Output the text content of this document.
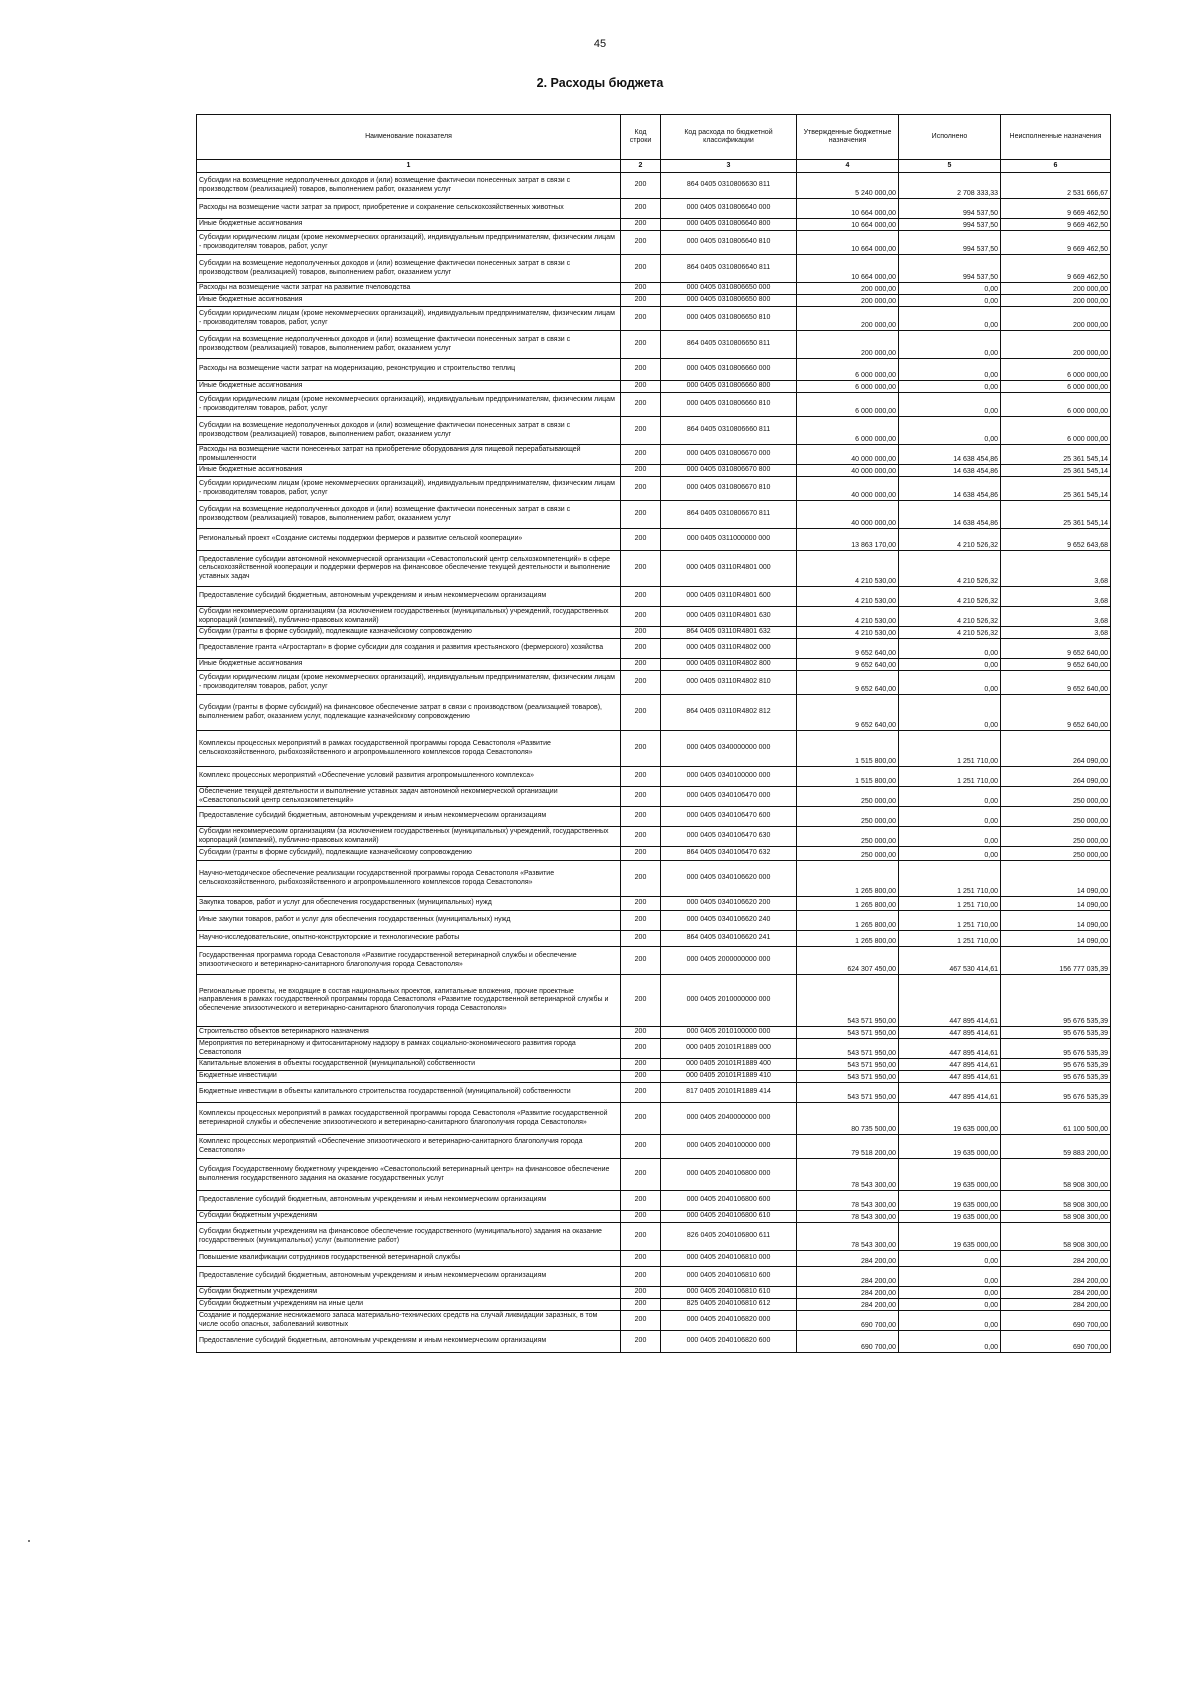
45
2. Расходы бюджета
Наименование показателя	Код строки	Код расхода по бюджетной классификации	Утвержденные бюджетные назначения	Исполнено	Неисполненные назначения
1	2	3	4	5	6
Субсидии на возмещение недополученных доходов и (или) возмещение фактически понесенных затрат в связи с производством (реализацией) товаров, выполнением работ, оказанием услуг	200	864 0405 0310806630 811	5 240 000,00	2 708 333,33	2 531 666,67
Расходы на возмещение части затрат за прирост, приобретение и сохранение сельскохозяйственных животных	200	000 0405 0310806640 000	10 664 000,00	994 537,50	9 669 462,50
Иные бюджетные ассигнования	200	000 0405 0310806640 800	10 664 000,00	994 537,50	9 669 462,50
Субсидии юридическим лицам (кроме некоммерческих организаций), индивидуальным предпринимателям, физическим лицам - производителям товаров, работ, услуг	200	000 0405 0310806640 810	10 664 000,00	994 537,50	9 669 462,50
Субсидии на возмещение недополученных доходов и (или) возмещение фактически понесенных затрат в связи с производством (реализацией) товаров, выполнением работ, оказанием услуг	200	864 0405 0310806640 811	10 664 000,00	994 537,50	9 669 462,50
Расходы на возмещение части затрат на развитие пчеловодства	200	000 0405 0310806650 000	200 000,00	0,00	200 000,00
Иные бюджетные ассигнования	200	000 0405 0310806650 800	200 000,00	0,00	200 000,00
Субсидии юридическим лицам (кроме некоммерческих организаций), индивидуальным предпринимателям, физическим лицам - производителям товаров, работ, услуг	200	000 0405 0310806650 810	200 000,00	0,00	200 000,00
Субсидии на возмещение недополученных доходов и (или) возмещение фактически понесенных затрат в связи с производством (реализацией) товаров, выполнением работ, оказанием услуг	200	864 0405 0310806650 811	200 000,00	0,00	200 000,00
Расходы на возмещение части затрат на модернизацию, реконструкцию и строительство теплиц	200	000 0405 0310806660 000	6 000 000,00	0,00	6 000 000,00
Иные бюджетные ассигнования	200	000 0405 0310806660 800	6 000 000,00	0,00	6 000 000,00
Субсидии юридическим лицам (кроме некоммерческих организаций), индивидуальным предпринимателям, физическим лицам - производителям товаров, работ, услуг	200	000 0405 0310806660 810	6 000 000,00	0,00	6 000 000,00
Субсидии на возмещение недополученных доходов и (или) возмещение фактически понесенных затрат в связи с производством (реализацией) товаров, выполнением работ, оказанием услуг	200	864 0405 0310806660 811	6 000 000,00	0,00	6 000 000,00
Расходы на возмещение части понесенных затрат на приобретение оборудования для пищевой перерабатывающей промышленности	200	000 0405 0310806670 000	40 000 000,00	14 638 454,86	25 361 545,14
Иные бюджетные ассигнования	200	000 0405 0310806670 800	40 000 000,00	14 638 454,86	25 361 545,14
Субсидии юридическим лицам (кроме некоммерческих организаций), индивидуальным предпринимателям, физическим лицам - производителям товаров, работ, услуг	200	000 0405 0310806670 810	40 000 000,00	14 638 454,86	25 361 545,14
Субсидии на возмещение недополученных доходов и (или) возмещение фактически понесенных затрат в связи с производством (реализацией) товаров, выполнением работ, оказанием услуг	200	864 0405 0310806670 811	40 000 000,00	14 638 454,86	25 361 545,14
Региональный проект «Создание системы поддержки фермеров и развитие сельской кооперации»	200	000 0405 0311000000 000	13 863 170,00	4 210 526,32	9 652 643,68
Предоставление субсидии автономной некоммерческой организации «Севастопольский центр сельхозкомпетенций» в сфере сельскохозяйственной кооперации и поддержки фермеров на финансовое обеспечение текущей деятельности и выполнение уставных задач	200	000 0405 03110R4801 000	4 210 530,00	4 210 526,32	3,68
Предоставление субсидий бюджетным, автономным учреждениям и иным некоммерческим организациям	200	000 0405 03110R4801 600	4 210 530,00	4 210 526,32	3,68
Субсидии некоммерческим организациям (за исключением государственных (муниципальных) учреждений, государственных корпораций (компаний), публично-правовых компаний)	200	000 0405 03110R4801 630	4 210 530,00	4 210 526,32	3,68
Субсидии (гранты в форме субсидий), подлежащие казначейскому сопровождению	200	864 0405 03110R4801 632	4 210 530,00	4 210 526,32	3,68
Предоставление гранта «Агростартап» в форме субсидии для создания и развития крестьянского (фермерского) хозяйства	200	000 0405 03110R4802 000	9 652 640,00	0,00	9 652 640,00
Иные бюджетные ассигнования	200	000 0405 03110R4802 800	9 652 640,00	0,00	9 652 640,00
Субсидии юридическим лицам (кроме некоммерческих организаций), индивидуальным предпринимателям, физическим лицам - производителям товаров, работ, услуг	200	000 0405 03110R4802 810	9 652 640,00	0,00	9 652 640,00
Субсидии (гранты в форме субсидий) на финансовое обеспечение затрат в связи с производством (реализацией товаров), выполнением работ, оказанием услуг, подлежащие казначейскому сопровождению	200	864 0405 03110R4802 812	9 652 640,00	0,00	9 652 640,00
Комплексы процессных мероприятий в рамках государственной программы города Севастополя «Развитие сельскохозяйственного, рыбохозяйственного и агропромышленного комплексов города Севастополя»	200	000 0405 0340000000 000	1 515 800,00	1 251 710,00	264 090,00
Комплекс процессных мероприятий «Обеспечение условий развития агропромышленного комплекса»	200	000 0405 0340100000 000	1 515 800,00	1 251 710,00	264 090,00
Обеспечение текущей деятельности и выполнение уставных задач автономной некоммерческой организации «Севастопольский центр сельхозкомпетенций»	200	000 0405 0340106470 000	250 000,00	0,00	250 000,00
Предоставление субсидий бюджетным, автономным учреждениям и иным некоммерческим организациям	200	000 0405 0340106470 600	250 000,00	0,00	250 000,00
Субсидии некоммерческим организациям (за исключением государственных (муниципальных) учреждений, государственных корпораций (компаний), публично-правовых компаний)	200	000 0405 0340106470 630	250 000,00	0,00	250 000,00
Субсидии (гранты в форме субсидий), подлежащие казначейскому сопровождению	200	864 0405 0340106470 632	250 000,00	0,00	250 000,00
Научно-методическое обеспечение реализации государственной программы города Севастополя «Развитие сельскохозяйственного, рыбохозяйственного и агропромышленного комплексов города Севастополя»	200	000 0405 0340106620 000	1 265 800,00	1 251 710,00	14 090,00
Закупка товаров, работ и услуг для обеспечения государственных (муниципальных) нужд	200	000 0405 0340106620 200	1 265 800,00	1 251 710,00	14 090,00
Иные закупки товаров, работ и услуг для обеспечения государственных (муниципальных) нужд	200	000 0405 0340106620 240	1 265 800,00	1 251 710,00	14 090,00
Научно-исследовательские, опытно-конструкторские и технологические работы	200	864 0405 0340106620 241	1 265 800,00	1 251 710,00	14 090,00
Государственная программа города Севастополя «Развитие государственной ветеринарной службы и обеспечение эпизоотического и ветеринарно-санитарного благополучия города Севастополя»	200	000 0405 2000000000 000	624 307 450,00	467 530 414,61	156 777 035,39
Региональные проекты, не входящие в состав национальных проектов, капитальные вложения, прочие проектные направления в рамках государственной программы города Севастополя «Развитие государственной ветеринарной службы и обеспечение эпизоотического и ветеринарно-санитарного благополучия города Севастополя»	200	000 0405 2010000000 000	543 571 950,00	447 895 414,61	95 676 535,39
Строительство объектов ветеринарного назначения	200	000 0405 2010100000 000	543 571 950,00	447 895 414,61	95 676 535,39
Мероприятия по ветеринарному и фитосанитарному надзору в рамках социально-экономического развития города Севастополя	200	000 0405 20101R1889 000	543 571 950,00	447 895 414,61	95 676 535,39
Капитальные вложения в объекты государственной (муниципальной) собственности	200	000 0405 20101R1889 400	543 571 950,00	447 895 414,61	95 676 535,39
Бюджетные инвестиции	200	000 0405 20101R1889 410	543 571 950,00	447 895 414,61	95 676 535,39
Бюджетные инвестиции в объекты капитального строительства государственной (муниципальной) собственности	200	817 0405 20101R1889 414	543 571 950,00	447 895 414,61	95 676 535,39
Комплексы процессных мероприятий в рамках государственной программы города Севастополя «Развитие государственной ветеринарной службы и обеспечение эпизоотического и ветеринарно-санитарного благополучия города Севастополя»	200	000 0405 2040000000 000	80 735 500,00	19 635 000,00	61 100 500,00
Комплекс процессных мероприятий «Обеспечение эпизоотического и ветеринарно-санитарного благополучия города Севастополя»	200	000 0405 2040100000 000	79 518 200,00	19 635 000,00	59 883 200,00
Субсидия Государственному бюджетному учреждению «Севастопольский ветеринарный центр» на финансовое обеспечение выполнения государственного задания на оказание государственных услуг	200	000 0405 2040106800 000	78 543 300,00	19 635 000,00	58 908 300,00
Предоставление субсидий бюджетным, автономным учреждениям и иным некоммерческим организациям	200	000 0405 2040106800 600	78 543 300,00	19 635 000,00	58 908 300,00
Субсидии бюджетным учреждениям	200	000 0405 2040106800 610	78 543 300,00	19 635 000,00	58 908 300,00
Субсидии бюджетным учреждениям на финансовое обеспечение государственного (муниципального) задания на оказание государственных (муниципальных) услуг (выполнение работ)	200	826 0405 2040106800 611	78 543 300,00	19 635 000,00	58 908 300,00
Повышение квалификации сотрудников государственной ветеринарной службы	200	000 0405 2040106810 000	284 200,00	0,00	284 200,00
Предоставление субсидий бюджетным, автономным учреждениям и иным некоммерческим организациям	200	000 0405 2040106810 600	284 200,00	0,00	284 200,00
Субсидии бюджетным учреждениям	200	000 0405 2040106810 610	284 200,00	0,00	284 200,00
Субсидии бюджетным учреждениям на иные цели	200	825 0405 2040106810 612	284 200,00	0,00	284 200,00
Создание и поддержание неснижаемого запаса материально-технических средств на случай ликвидации заразных, в том числе особо опасных, заболеваний животных	200	000 0405 2040106820 000	690 700,00	0,00	690 700,00
Предоставление субсидий бюджетным, автономным учреждениям и иным некоммерческим организациям	200	000 0405 2040106820 600	690 700,00	0,00	690 700,00
